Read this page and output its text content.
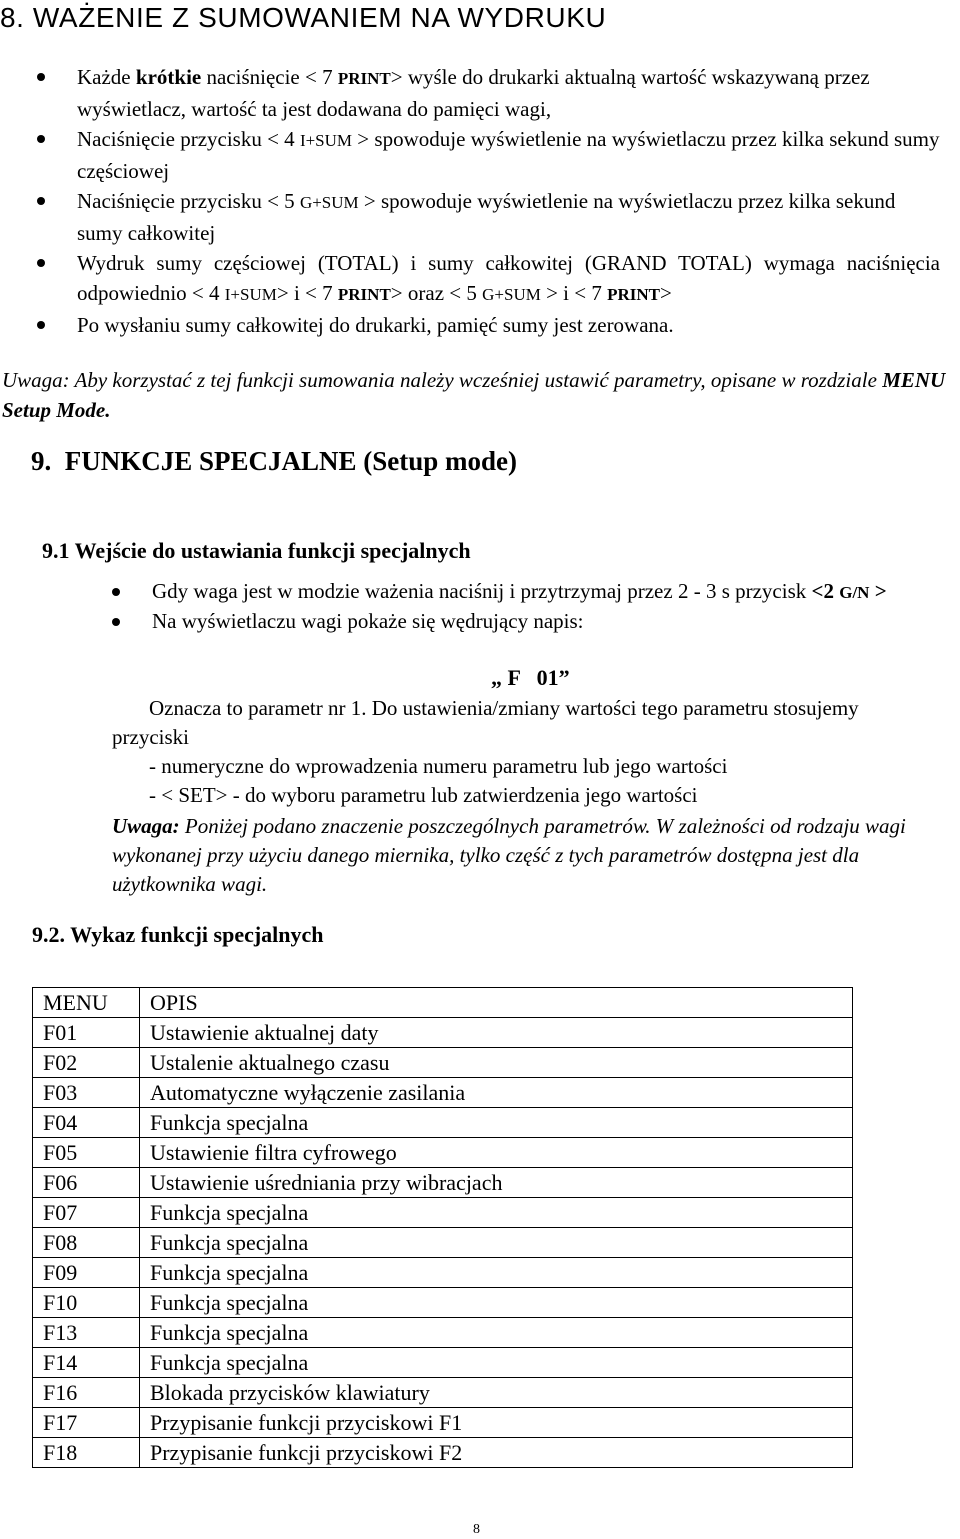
8. WAŻENIE Z SUMOWANIEM NA WYDRUKU
Każde krótkie naciśnięcie < 7 PRINT> wyśle do drukarki aktualną wartość wskazywaną przez wyświetlacz, wartość ta jest dodawana do pamięci wagi,
Naciśnięcie przycisku < 4 I+SUM > spowoduje wyświetlenie na wyświetlaczu przez kilka sekund sumy częściowej
Naciśnięcie przycisku < 5 G+SUM > spowoduje wyświetlenie na wyświetlaczu przez kilka sekund sumy całkowitej
Wydruk sumy częściowej (TOTAL) i sumy całkowitej (GRAND TOTAL) wymaga naciśnięcia odpowiednio < 4 I+SUM> i < 7 PRINT> oraz < 5 G+SUM > i < 7 PRINT>
Po wysłaniu sumy całkowitej do drukarki, pamięć sumy jest zerowana.
Uwaga: Aby korzystać z tej funkcji sumowania należy wcześniej ustawić parametry, opisane w rozdziale MENU Setup Mode.
9.  FUNKCJE SPECJALNE (Setup mode)
9.1 Wejście do ustawiania funkcji specjalnych
Gdy waga jest w modzie ważenia naciśnij i przytrzymaj przez 2 - 3 s przycisk <2 G/N >
Na wyświetlaczu wagi pokaże się wędrujący napis:
„ F   01”
Oznacza to parametr nr 1. Do ustawienia/zmiany wartości tego parametru stosujemy przyciski
- numeryczne do wprowadzenia numeru parametru lub jego wartości
- < SET> - do wyboru parametru lub zatwierdzenia jego wartości
Uwaga: Poniżej podano znaczenie poszczególnych parametrów. W zależności od rodzaju wagi wykonanej przy użyciu danego miernika, tylko część z tych parametrów dostępna jest dla użytkownika wagi.
9.2. Wykaz funkcji specjalnych
MENU	OPIS
F01	Ustawienie aktualnej daty
F02	Ustalenie aktualnego czasu
F03	Automatyczne wyłączenie zasilania
F04	Funkcja specjalna
F05	Ustawienie filtra cyfrowego
F06	Ustawienie uśredniania przy wibracjach
F07	Funkcja specjalna
F08	Funkcja specjalna
F09	Funkcja specjalna
F10	Funkcja specjalna
F13	Funkcja specjalna
F14	Funkcja specjalna
F16	Blokada przycisków klawiatury
F17	Przypisanie funkcji przyciskowi F1
F18	Przypisanie funkcji przyciskowi F2
8
